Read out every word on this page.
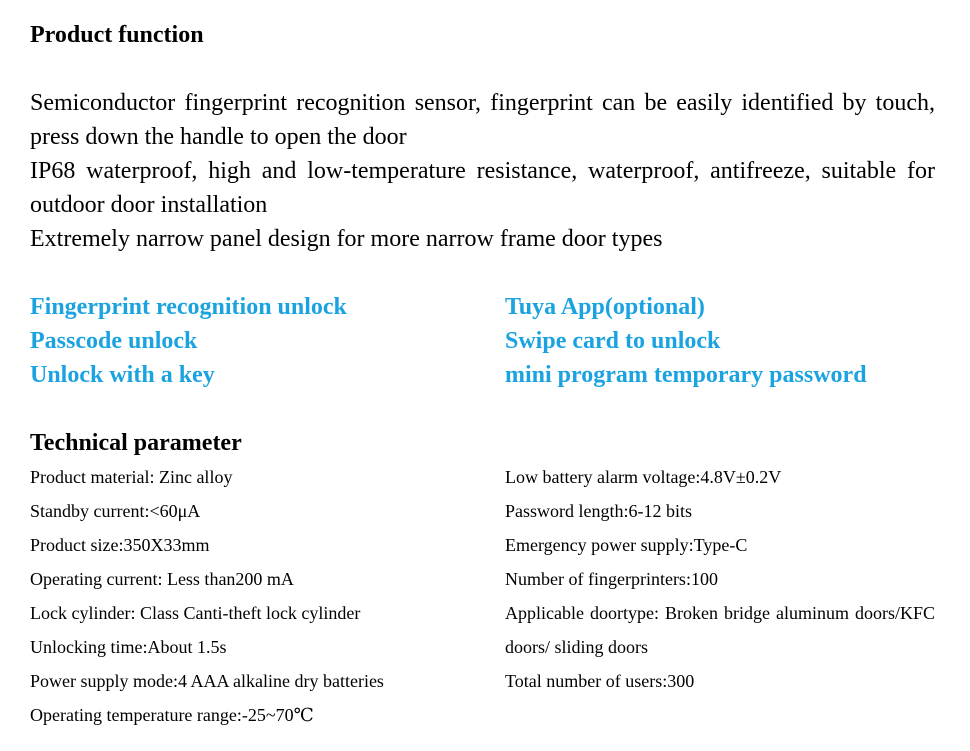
Product function

Semiconductor fingerprint recognition sensor, fingerprint can be easily identified by touch, press down the handle to open the door

IP68 waterproof, high and low-temperature resistance, waterproof, antifreeze, suitable for outdoor door installation

Extremely narrow panel design for more narrow frame door types

Fingerprint recognition unlock
Passcode unlock
Unlock with a key
Tuya App(optional)
Swipe card to unlock
mini program temporary password
Technical parameter
Product material: Zinc alloy
Standby current:<60μA
Product size:350X33mm
Operating current: Less than200 mA
Lock cylinder: Class Canti-theft lock cylinder
Unlocking time:About 1.5s
Power supply mode:4 AAA alkaline dry batteries
Operating temperature range:-25~70℃
Low battery alarm voltage:4.8V±0.2V
Password length:6-12 bits
Emergency power supply:Type-C
Number of fingerprinters:100
Applicable doortype: Broken bridge aluminum doors/KFC doors/ sliding doors
Total number of users:300
